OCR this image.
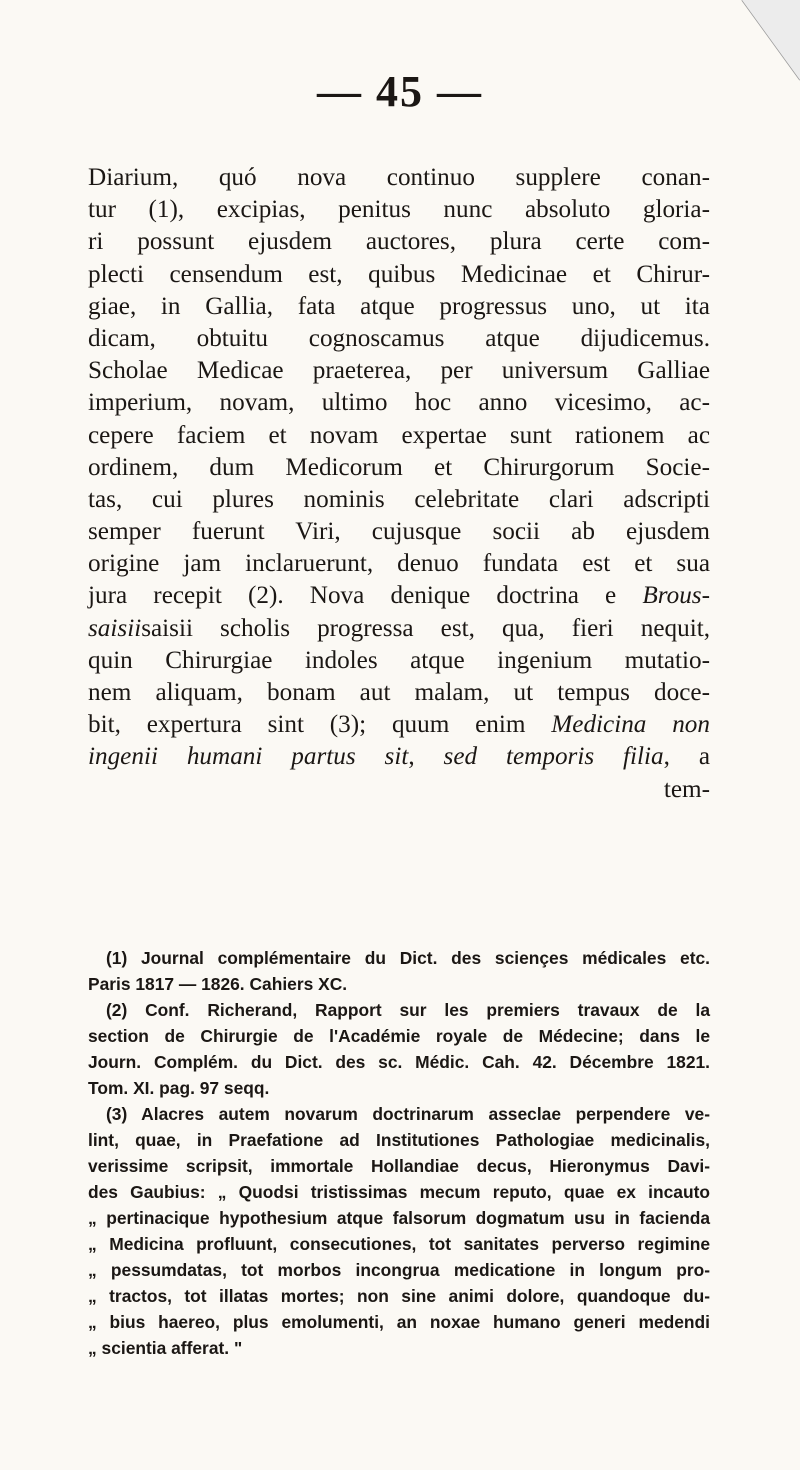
— 45 —
Diarium, quó nova continuo supplere conan-
tur (1), excipias, penitus nunc absoluto gloria-
ri possunt ejusdem auctores, plura certe com-
plecti censendum est, quibus Medicinae et Chirur-
giae, in Gallia, fata atque progressus uno, ut ita
dicam, obtuitu cognoscamus atque dijudicemus.
Scholae Medicae praeterea, per universum Galliae
imperium, novam, ultimo hoc anno vicesimo, ac-
cepere faciem et novam expertae sunt rationem ac
ordinem, dum Medicorum et Chirurgorum Socie-
tas, cui plures nominis celebritate clari adscripti
semper fuerunt Viri, cujusque socii ab ejusdem
origine jam inclaruerunt, denuo fundata est et sua
jura recepit (2). Nova denique doctrina e Brous-
saisiisaisii scholis progressa est, qua, fieri nequit,
quin Chirurgiae indoles atque ingenium mutatio-
nem aliquam, bonam aut malam, ut tempus doce-
bit, expertura sint (3); quum enim Medicina non
ingenii humani partus sit, sed temporis filia, a
tem-
(1) Journal complémentaire du Dict. des sciençes médicales etc.
Paris 1817 — 1826. Cahiers XC.
(2) Conf. Richerand, Rapport sur les premiers travaux de la
section de Chirurgie de l'Académie royale de Médecine; dans le
Journ. Complém. du Dict. des sc. Médic. Cah. 42. Décembre 1821.
Tom. XI. pag. 97 seqq.
(3) Alacres autem novarum doctrinarum asseclae perpendere ve-
lint, quae, in Praefatione ad Institutiones Pathologiae medicinalis,
verissime scripsit, immortale Hollandiae decus, Hieronymus Davi-
des Gaubius: „ Quodsi tristissimas mecum reputo, quae ex incauto
„ pertinacique hypothesium atque falsorum dogmatum usu in facienda
„ Medicina profluunt, consecutiones, tot sanitates perverso regimine
„ pessumdatas, tot morbos incongrua medicatione in longum pro-
„ tractos, tot illatas mortes; non sine animi dolore, quandoque du-
„ bius haereo, plus emolumenti, an noxae humano generi medendi
„ scientia afferat. "
